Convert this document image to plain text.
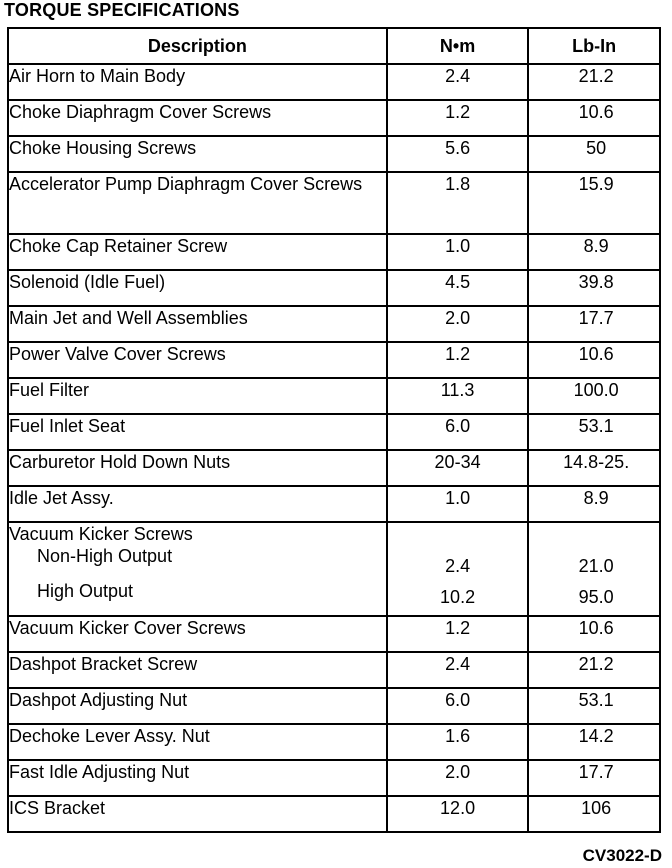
TORQUE SPECIFICATIONS
Description	N•m	Lb-In
Air Horn to Main Body	2.4	21.2
Choke Diaphragm Cover Screws	1.2	10.6
Choke Housing Screws	5.6	50
Accelerator Pump Diaphragm Cover Screws	1.8	15.9
Choke Cap Retainer Screw	1.0	8.9
Solenoid (Idle Fuel)	4.5	39.8
Main Jet and Well Assemblies	2.0	17.7
Power Valve Cover Screws	1.2	10.6
Fuel Filter	11.3	100.0
Fuel Inlet Seat	6.0	53.1
Carburetor Hold Down Nuts	20-34	14.8-25.
Idle Jet Assy.	1.0	8.9

Vacuum Kicker Screws
Non-High Output	2.4	21.0

High Output	10.2	95.0
Vacuum Kicker Cover Screws	1.2	10.6
Dashpot Bracket Screw	2.4	21.2
Dashpot Adjusting Nut	6.0	53.1
Dechoke Lever Assy. Nut	1.6	14.2
Fast Idle Adjusting Nut	2.0	17.7
ICS Bracket	12.0	106
CV3022-D
